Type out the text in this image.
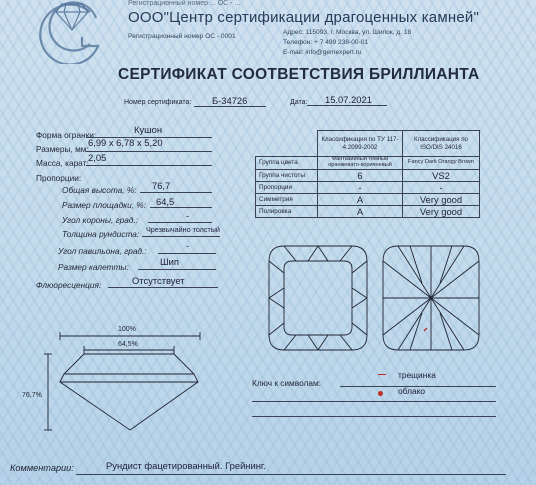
Регистрационный номер ... ОС - ...
ООО"Центр сертификации драгоценных камней"
Регистрационный номер ОС - 0001
Адрес: 115093, г. Москва, ул. Шипок, д. 18
Телефон: + 7 499 238-00-01
E-mail: info@gemexpert.ru
СЕРТИФИКАТ СООТВЕТСТВИЯ БРИЛЛИАНТА
Номер сертификата: Б-34726	Дата: 15.07.2021
Форма огранки:	Кушон
Размеры, мм:
6,99 x 6,78 x 5,20
Масса, карат: 2,05
Пропорции:
Общая высота, %: 76,7
Размер площадки, %: 64,5
Угол короны, град.:	-
Толщина рундиста: Чрезвычайно толстый
Угол павильона, град.:	-
Размер калетты:	Шип
Флюоресценция:	Отсутствует
	Классификация по ТУ 117-4.2099-2002	Классификация по ISO/DIS 24016
Группа цвета	Фантазийный темный оранжевато-коричневый	Fancy Dark Orangy Brown
Группа чистоты	6	VS2
Пропорции	-	-
Симметрия	A	Very good
Полировка	A	Very good
100%
64,5%
76,7%
Ключ к символам:
трещинка
облако
Комментарии:	Рундист фацетированный. Грейнинг.
